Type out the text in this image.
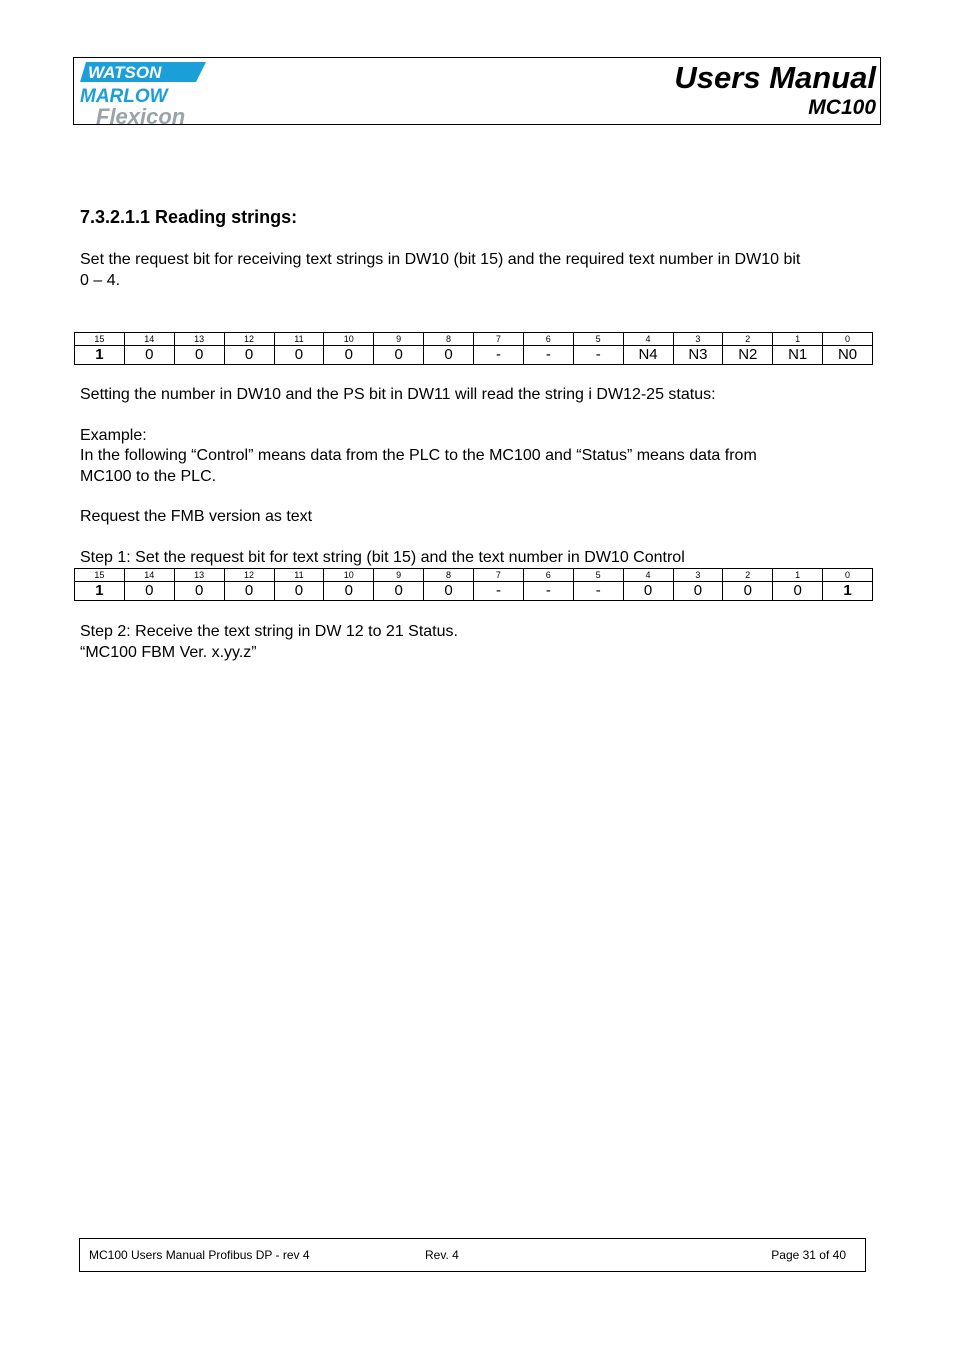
WATSON
MARLOW
Flexicon
Users Manual
MC100
7.3.2.1.1 Reading strings:
Set the request bit for receiving text strings in DW10 (bit 15) and the required text number in DW10 bit
0 – 4.
15	14	13	12	11	10	9	8	7	6	5	4	3	2	1	0
1	0	0	0	0	0	0	0	-	-	-	N4	N3	N2	N1	N0
Setting the number in DW10 and the PS bit in DW11 will read the string i DW12-25 status:
Example:
In the following “Control” means data from the PLC to the MC100 and “Status” means data from
MC100 to the PLC.
Request the FMB version as text
Step 1: Set the request bit for text string (bit 15) and the text number in DW10 Control
15	14	13	12	11	10	9	8	7	6	5	4	3	2	1	0
1	0	0	0	0	0	0	0	-	-	-	0	0	0	0	1
Step 2: Receive the text string in DW 12 to 21 Status.
“MC100 FBM Ver. x.yy.z”
MC100 Users Manual Profibus DP - rev 4	Rev. 4	Page 31 of 40
